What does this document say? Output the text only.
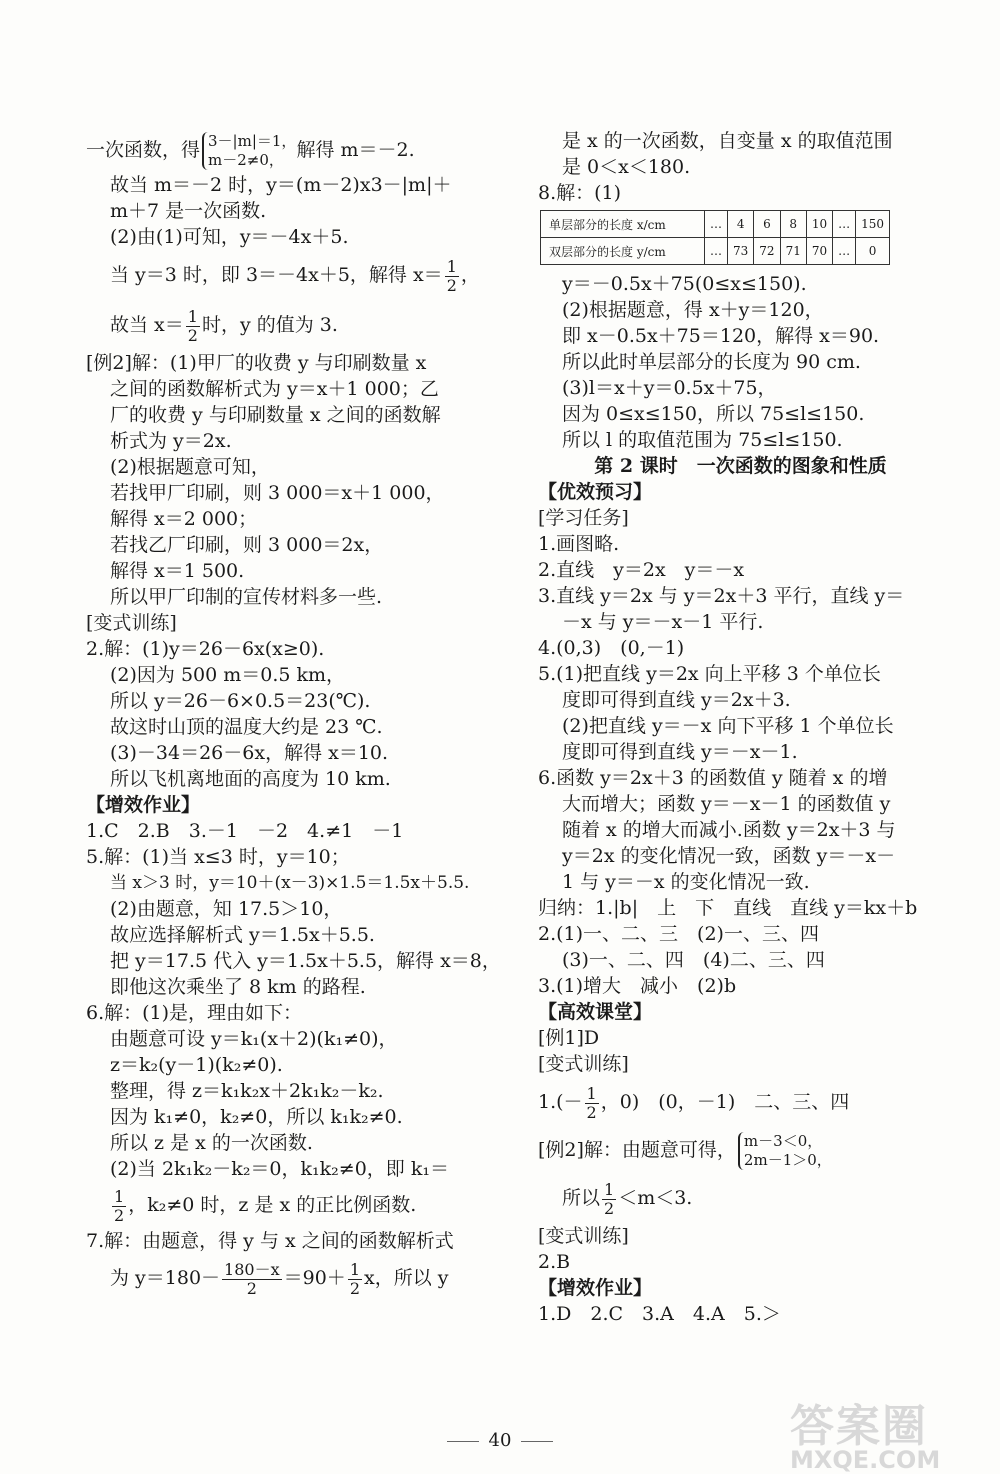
一次函数，得 3－|m|＝1，
m－2≠0， 解得 m＝－2.
故当 m＝－2 时，y＝(m－2)x3－|m|＋
m＋7 是一次函数.
(2)由(1)可知，y＝－4x＋5.
当 y＝3 时，即 3＝－4x＋5，解得 $x= \frac{1}{2}$ ，
故当 $x= \frac{1}{2}$ 时，y 的值为 3.
[例2]解：(1)甲厂的收费 y 与印刷数量 x
之间的函数解析式为 y＝x＋1 000；乙
厂的收费 y 与印刷数量 x 之间的函数解
析式为 y＝2x.
(2)根据题意可知，
若找甲厂印刷，则 3 000＝x＋1 000，
解得 x＝2 000；
若找乙厂印刷，则 3 000＝2x，
解得 x＝1 500.
所以甲厂印制的宣传材料多一些.
[变式训练]
2.解：(1)y＝26－6x(x≥0).
(2)因为 500 m＝0.5 km，
所以 y＝26－6×0.5＝23(℃).
故这时山顶的温度大约是 23 ℃.
(3)－34＝26－6x，解得 x＝10.
所以飞机离地面的高度为 10 km.
【增效作业】
1.C　2.B　3.－1　－2　4.≠1　－1
5.解：(1)当 x≤3 时，y＝10；
当 x＞3 时，y＝10＋(x－3)×1.5＝1.5x＋5.5.
(2)由题意，知 17.5＞10，
故应选择解析式 y＝1.5x＋5.5.
把 y＝17.5 代入 y＝1.5x＋5.5，解得 x＝8，
即他这次乘坐了 8 km 的路程.
6.解：(1)是，理由如下：
由题意可设 y＝k₁(x＋2)(k₁≠0)，
z＝k₂(y－1)(k₂≠0).
整理，得 z＝k₁k₂x＋2k₁k₂－k₂.
因为 k₁≠0，k₂≠0，所以 k₁k₂≠0.
所以 z 是 x 的一次函数.
(2)当 2k₁k₂－k₂＝0，k₁k₂≠0，即 k₁＝
$\frac{1}{2}$ ，k₂≠0 时，z 是 x 的正比例函数.
7.解：由题意，得 y 与 x 之间的函数解析式
为 $y=180- \frac{180-x}{2} =90+ \frac{1}{2}$ x，所以 y
是 x 的一次函数，自变量 x 的取值范围
是 0＜x＜180.
8.解：(1)
单层部分的长度 x/cm	…	4	6	8	10	…	150
双层部分的长度 y/cm	…	73	72	71	70	…	0
y＝－0.5x＋75(0≤x≤150).
(2)根据题意，得 x＋y＝120，
即 x－0.5x＋75＝120，解得 x＝90.
所以此时单层部分的长度为 90 cm.
(3)l＝x＋y＝0.5x＋75，
因为 0≤x≤150，所以 75≤l≤150.
所以 l 的取值范围为 75≤l≤150.
第 2 课时　一次函数的图象和性质
【优效预习】
[学习任务]
1.画图略.
2.直线　y＝2x　y＝－x
3.直线 y＝2x 与 y＝2x＋3 平行，直线 y＝
－x 与 y＝－x－1 平行.
4.(0,3)　(0,－1)
5.(1)把直线 y＝2x 向上平移 3 个单位长
度即可得到直线 y＝2x＋3.
(2)把直线 y＝－x 向下平移 1 个单位长
度即可得到直线 y＝－x－1.
6.函数 y＝2x＋3 的函数值 y 随着 x 的增
大而增大；函数 y＝－x－1 的函数值 y
随着 x 的增大而减小.函数 y＝2x＋3 与
y＝2x 的变化情况一致，函数 y＝－x－
1 与 y＝－x 的变化情况一致.
归纳：1.|b|　上　下　直线　直线 y＝kx＋b
2.(1)一、二、三　(2)一、三、四
(3)一、二、四　(4)二、三、四
3.(1)增大　减小　(2)b
【高效课堂】
[例1]D
[变式训练]
$1.(- \frac{1}{2}$ ，0)　(0，－1)　二、三、四
[例2]解：由题意可得， m－3＜0，
2m－1＞0，
所以 $\frac{1}{2} <m<3$.
[变式训练]
2.B
【增效作业】
1.D　2.C　3.A　4.A　5.＞
40	答案圈
MXQE.COM
